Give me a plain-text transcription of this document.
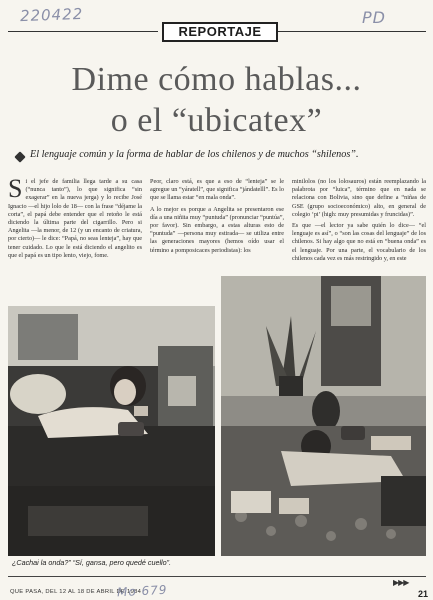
220422	PD
REPORTAJE
Dime cómo hablas...
o el “ubicatex”
El lenguaje común y la forma de hablar de los chilenos y de muchos “shilenos”.
S i el jefe de familia llega tarde a su casa (“nunca tanto”), lo que significa “sin exagerar” en la nueva jerga) y lo recibe José Ignacio —el hijo lolo de 18— con la frase “déjame la corta”, el papá debe entender que el retoño le está diciendo la última parte del cigarrillo. Pero si Angelita —la menor, de 12 (y un encanto de criatura, por cierto)— le dice: “Papá, no seas lenteja”, hay que tener cuidado. Lo que le está diciendo el angelito es que el papá es un tipo lento, viejo, fome.

Peor, claro está, es que a eso de “lenteja” se le agregue un “yáratell”, que significa “jándatelll”. Es lo que se llama estar “en mala onda”.

A lo mejor es porque a Angelita se presentaron ese día a una niñita muy “puntuda” (pronunciar “puntúa”, por favor). Sin embargo, a estas alturas esto de “puntuda” —persona muy estirada— se utiliza entre las generaciones mayores (hemos oído usar el término a pomposicaces periodistas): los

minilolos (no los lolosauros) están reemplazando la palabrota por “luica”, término que en nada se relaciona con Bolivia, sino que define a “niñas de GSE (grupo socioeconómico) alto, en general de colegio ‘pi’ (high: muy presumidas y fruncidas)”.

Es que —el lector ya sabe quién lo dice— “el lenguaje es así”, o “son las cosas del lenguaje” de los chilenos. Si hay algo que no está en “buena onda” es el lenguaje. Por una parte, el vocabulario de los chilenos cada vez es más restringido y, en este

¿Cachai la onda?” “Sí, gansa, pero quedé cuello”.
▶▶▶
QUE PASA, DEL 12 AL 18 DE ABRIL DE 1984
Mo 679	21
